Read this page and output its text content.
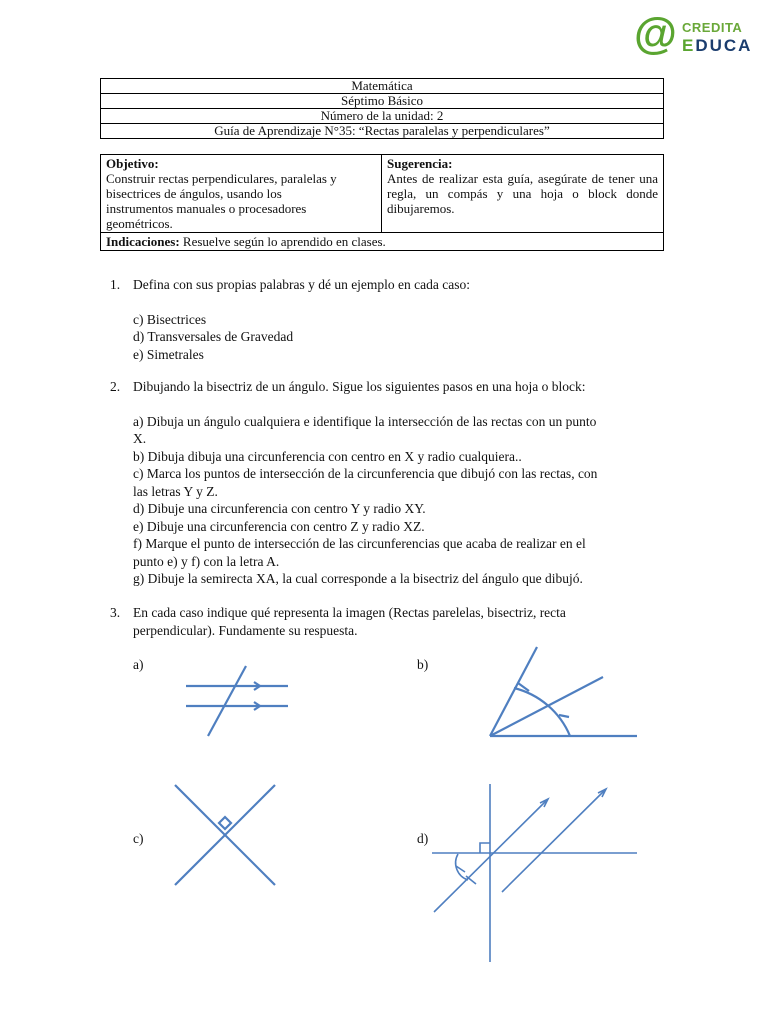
@ CREDITA
EDUCA
Matemática
Séptimo Básico
Número de la unidad: 2
Guía de Aprendizaje N°35: “Rectas paralelas y perpendiculares”
Objetivo:
Construir rectas perpendiculares, paralelas y
bisectrices de ángulos, usando los
instrumentos manuales o procesadores
geométricos.

Sugerencia:
Antes de realizar esta guía, asegúrate de tener una regla, un compás y una hoja o block donde dibujaremos.
Indicaciones: Resuelve según lo aprendido en clases.
1. Defina con sus propias palabras y dé un ejemplo en cada caso:
c) Bisectrices
d) Transversales de Gravedad
e) Simetrales
2. Dibujando la bisectriz de un ángulo. Sigue los siguientes pasos en una hoja o block:
a) Dibuja un ángulo cualquiera e identifique la intersección de las rectas con un punto
X.
b) Dibuja dibuja una circunferencia con centro en X y radio cualquiera..
c) Marca los puntos de intersección de la circunferencia que dibujó con las rectas, con
las letras Y y Z.
d) Dibuje una circunferencia con centro Y y radio XY.
e) Dibuje una circunferencia con centro Z y radio XZ.
f) Marque el punto de intersección de las circunferencias que acaba de realizar en el
punto e) y f) con la letra A.
g) Dibuje la semirecta XA, la cual corresponde a la bisectriz del ángulo que dibujó.
3. En cada caso indique qué representa la imagen (Rectas parelelas, bisectriz, recta
perpendicular). Fundamente su respuesta.
a)	b)
c)	d)
